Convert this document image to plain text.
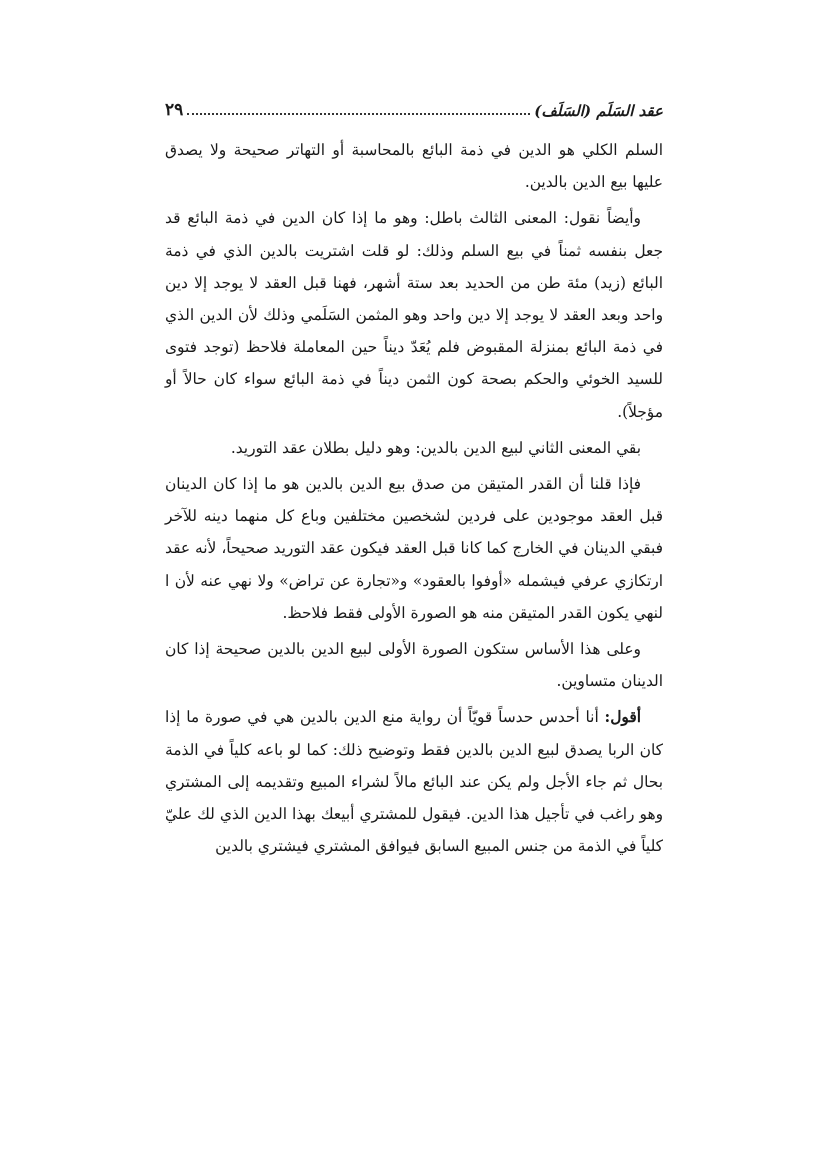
عقد السَلَم (السَلَف)
٢٩

السلم الكلي هو الدين في ذمة البائع بالمحاسبة أو التهاتر صحيحة ولا يصدق عليها بيع الدين بالدين.

وأيضاً نقول: المعنى الثالث باطل: وهو ما إذا كان الدين في ذمة البائع قد جعل بنفسه ثمناً في بيع السلم وذلك: لو قلت اشتريت بالدين الذي في ذمة البائع (زيد) مئة طن من الحديد بعد ستة أشهر، فهنا قبل العقد لا يوجد إلا دين واحد وبعد العقد لا يوجد إلا دين واحد وهو المثمن السَلَمي وذلك لأن الدين الذي في ذمة البائع بمنزلة المقبوض فلم يُعَدّ ديناً حين المعاملة فلاحظ (توجد فتوى للسيد الخوئي والحكم بصحة كون الثمن ديناً في ذمة البائع سواء كان حالاً أو مؤجلاً).

بقي المعنى الثاني لبيع الدين بالدين: وهو دليل بطلان عقد التوريد.

فإذا قلنا أن القدر المتيقن من صدق بيع الدين بالدين هو ما إذا كان الدينان قبل العقد موجودين على فردين لشخصين مختلفين وباع كل منهما دينه للآخر فبقي الدينان في الخارج كما كانا قبل العقد فيكون عقد التوريد صحيحاً، لأنه عقد ارتكازي عرفي فيشمله «أوفوا بالعقود» و«تجارة عن تراض» ولا نهي عنه لأن ا لنهي يكون القدر المتيقن منه هو الصورة الأولى فقط فلاحظ.

وعلى هذا الأساس ستكون الصورة الأولى لبيع الدين بالدين صحيحة إذا كان الدينان متساوين.

أقول: أنا أحدس حدساً قويّاً أن رواية منع الدين بالدين هي في صورة ما إذا كان الربا يصدق لبيع الدين بالدين فقط وتوضيح ذلك: كما لو باعه كلياً في الذمة بحال ثم جاء الأجل ولم يكن عند البائع مالاً لشراء المبيع وتقديمه إلى المشتري وهو راغب في تأجيل هذا الدين. فيقول للمشتري أبيعك بهذا الدين الذي لك عليّ كلياً في الذمة من جنس المبيع السابق فيوافق المشتري فيشتري بالدين
